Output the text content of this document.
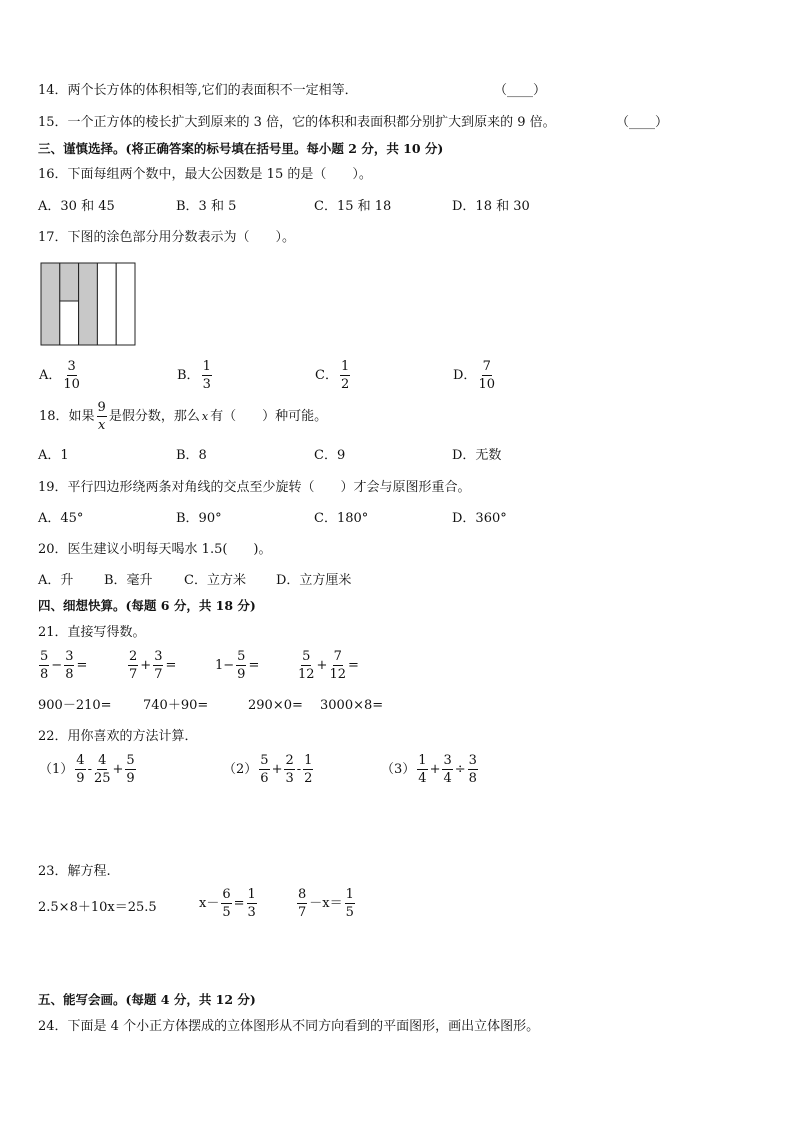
14．两个长方体的体积相等,它们的表面积不一定相等．	（____）
15．一个正方体的棱长扩大到原来的 3 倍，它的体积和表面积都分别扩大到原来的 9 倍。	（____）
三、谨慎选择。(将正确答案的标号填在括号里。每小题 2 分，共 10 分)
16．下面每组两个数中，最大公因数是 15 的是（　　）。
A．30 和 45	B．3 和 5	C．15 和 18	D．18 和 30
17．下图的涂色部分用分数表示为（　　）。
A． $\frac{3}{10}$	B． $\frac{1}{3}$	C． $\frac{1}{2}$	D． $\frac{7}{10}$
18．如果 $\frac{9}{x}$ 是假分数，那么 x 有（　　）种可能。
A．1	B．8	C．9	D．无数
19．平行四边形绕两条对角线的交点至少旋转（　　）才会与原图形重合。
A．45°	B．90°	C．180°	D．360°
20．医生建议小明每天喝水 1.5(　　)。
A．升 B．毫升 C．立方米 D．立方厘米
四、细想快算。(每题 6 分，共 18 分)
21．直接写得数。
$\frac{5}{8} - \frac{3}{8}$ =	$\frac{2}{7} + \frac{3}{7}$ =	$1- \frac{5}{9}$ =	$\frac{5}{12} + \frac{7}{12}$ =
900－210= 740＋90=	290×0= 3000×8=
22．用你喜欢的方法计算．
$(1) \frac{4}{9} - \frac{4}{25} + \frac{5}{9}$	$(2) \frac{5}{6} + \frac{2}{3} - \frac{1}{2}$	$(3) \frac{1}{4} + \frac{3}{4} \div \frac{3}{8}$
23．解方程.
2.5×8＋10x＝25.5	$x- \frac{6}{5} = \frac{1}{3}$	$\frac{8}{7} -x= \frac{1}{5}$
五、能写会画。(每题 4 分，共 12 分)
24．下面是 4 个小正方体摆成的立体图形从不同方向看到的平面图形，画出立体图形。
